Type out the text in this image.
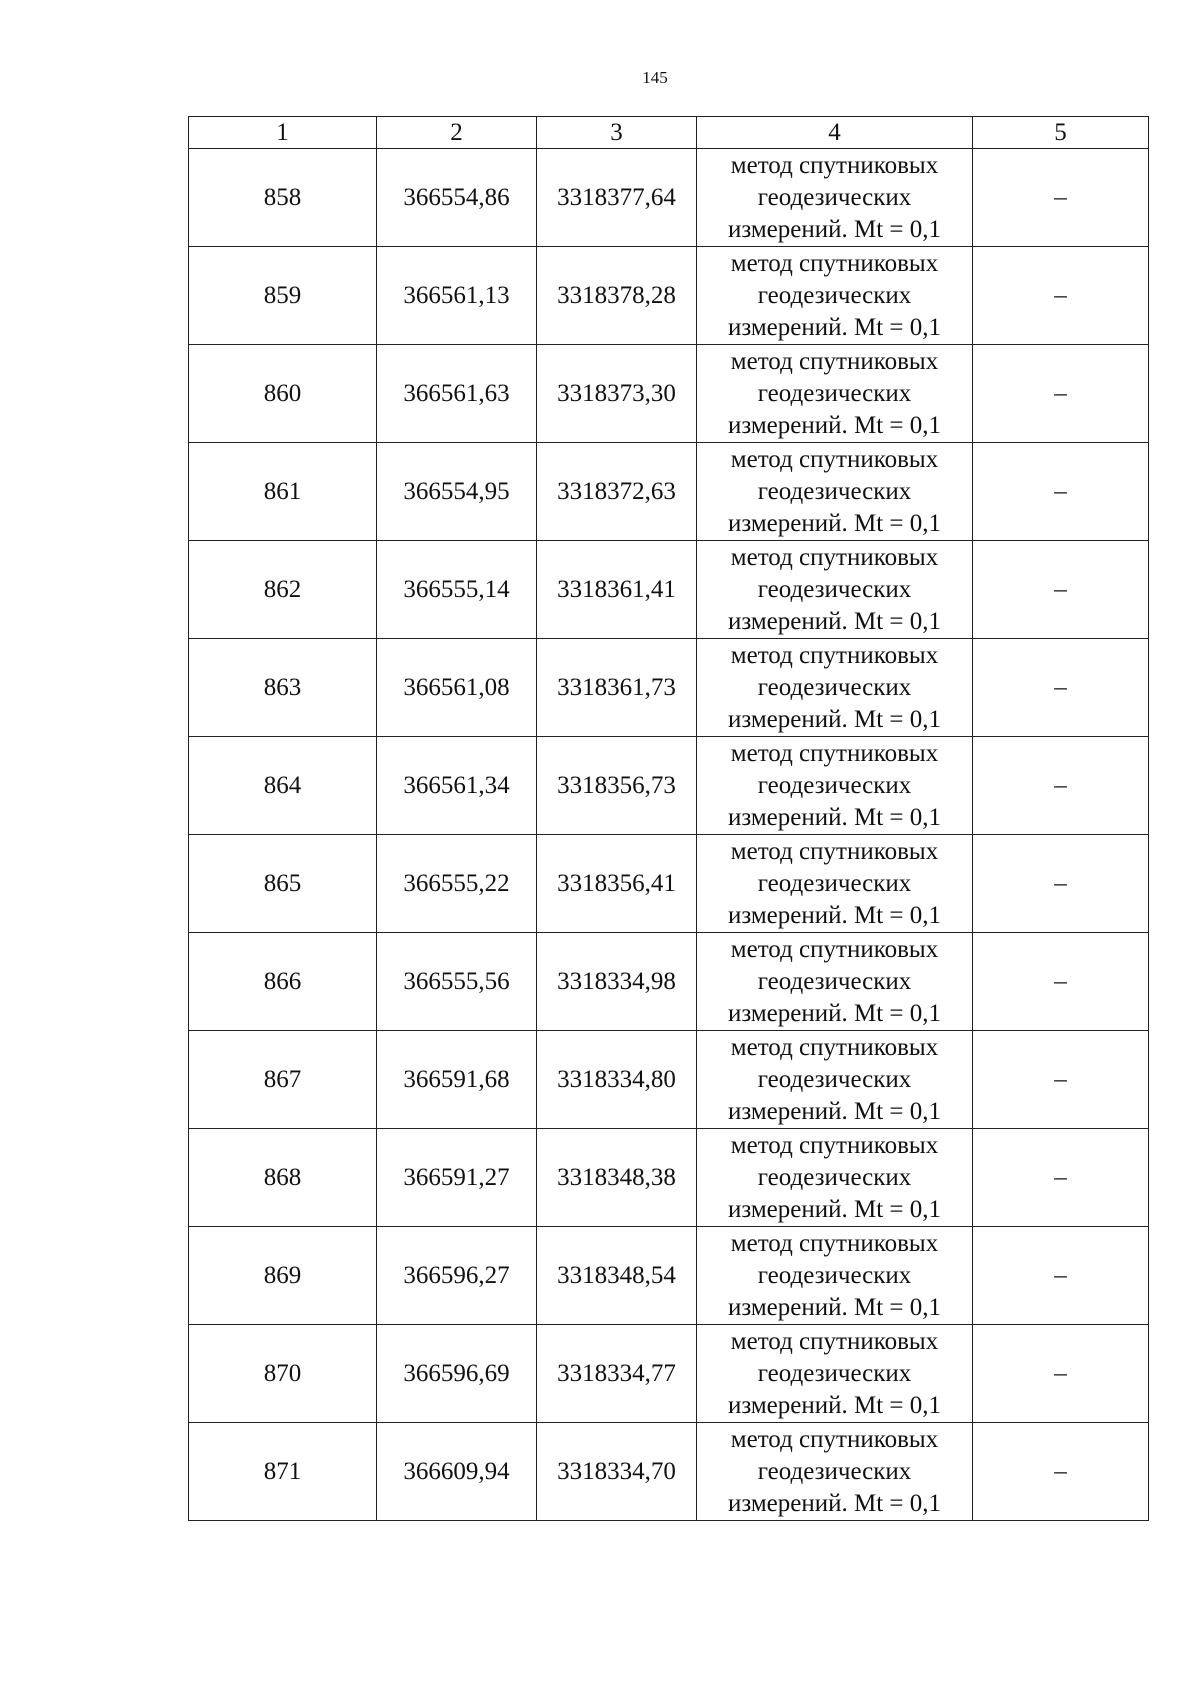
145
1	2	3	4	5
858	366554,86	3318377,64	метод спутниковых
геодезических
измерений. Mt = 0,1	–
859	366561,13	3318378,28	метод спутниковых
геодезических
измерений. Mt = 0,1	–
860	366561,63	3318373,30	метод спутниковых
геодезических
измерений. Mt = 0,1	–
861	366554,95	3318372,63	метод спутниковых
геодезических
измерений. Mt = 0,1	–
862	366555,14	3318361,41	метод спутниковых
геодезических
измерений. Mt = 0,1	–
863	366561,08	3318361,73	метод спутниковых
геодезических
измерений. Mt = 0,1	–
864	366561,34	3318356,73	метод спутниковых
геодезических
измерений. Mt = 0,1	–
865	366555,22	3318356,41	метод спутниковых
геодезических
измерений. Mt = 0,1	–
866	366555,56	3318334,98	метод спутниковых
геодезических
измерений. Mt = 0,1	–
867	366591,68	3318334,80	метод спутниковых
геодезических
измерений. Mt = 0,1	–
868	366591,27	3318348,38	метод спутниковых
геодезических
измерений. Mt = 0,1	–
869	366596,27	3318348,54	метод спутниковых
геодезических
измерений. Mt = 0,1	–
870	366596,69	3318334,77	метод спутниковых
геодезических
измерений. Mt = 0,1	–
871	366609,94	3318334,70	метод спутниковых
геодезических
измерений. Mt = 0,1	–
